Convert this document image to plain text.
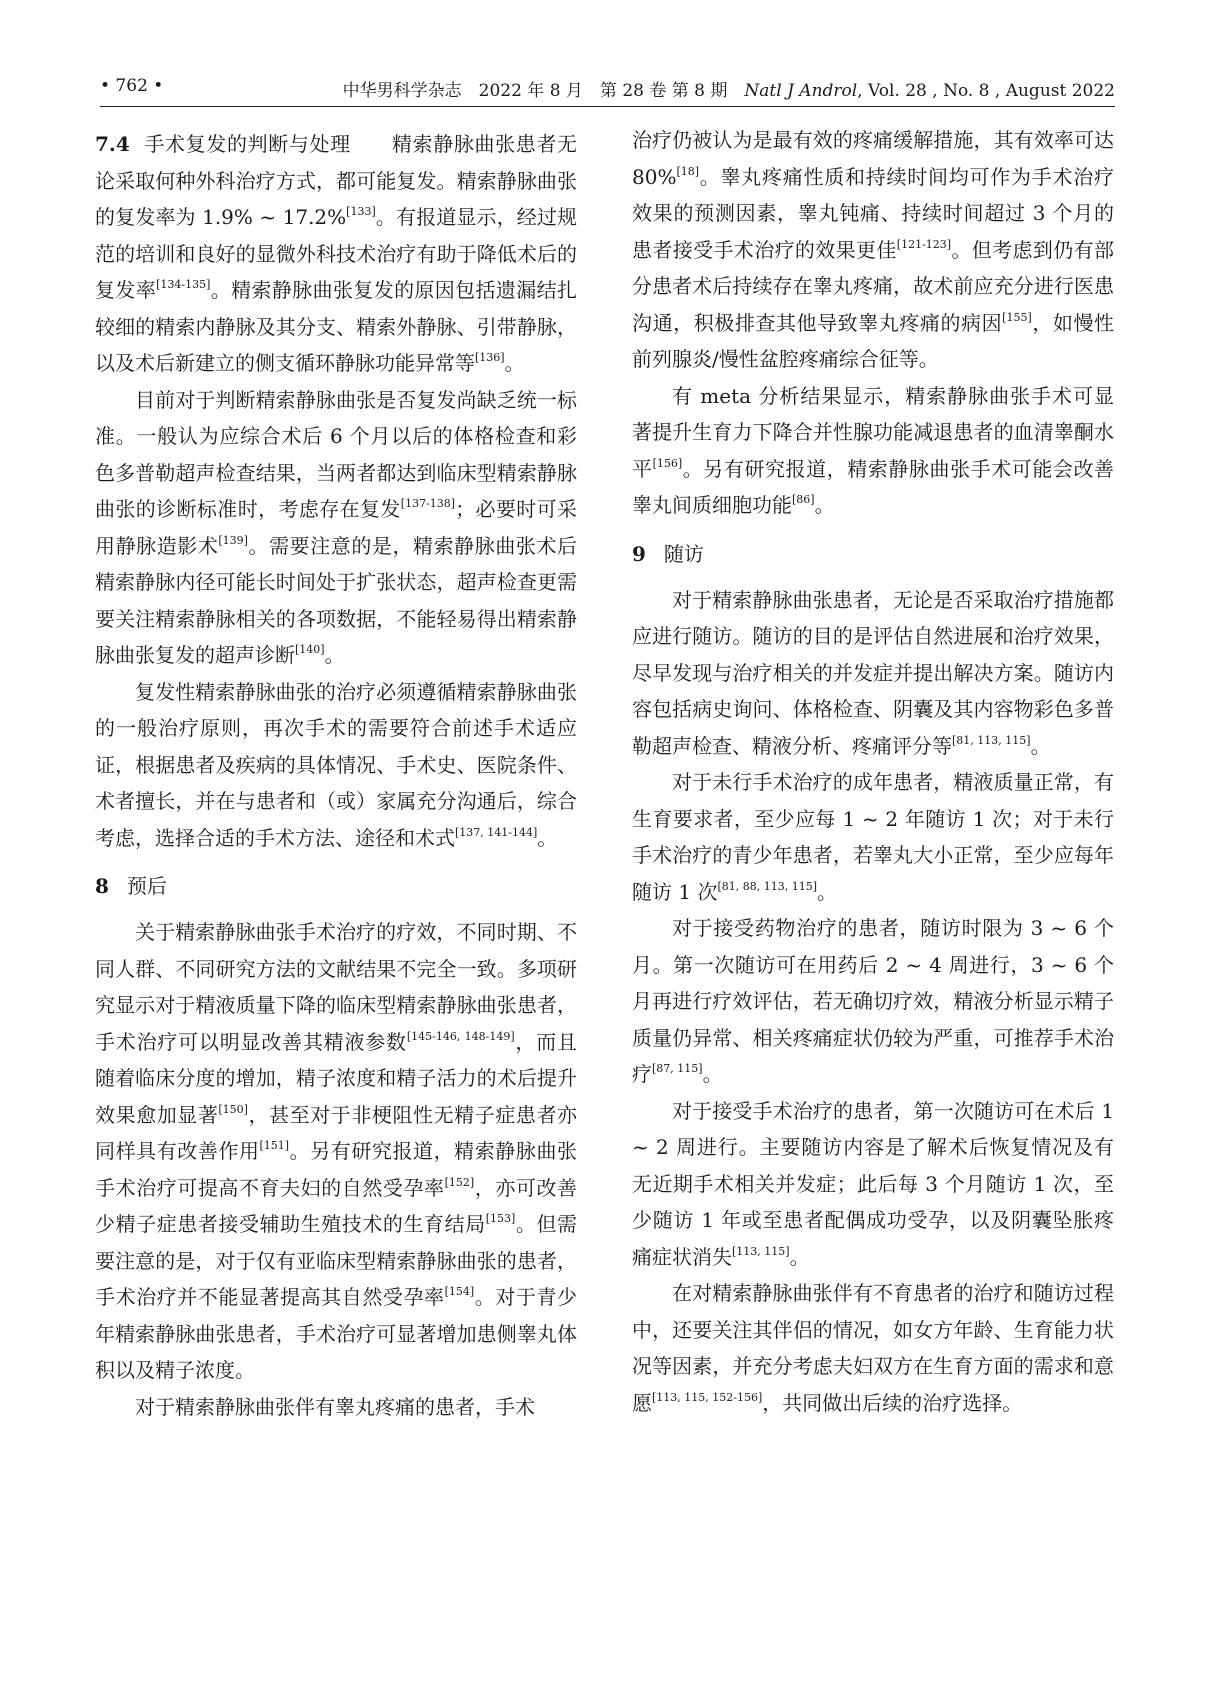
• 762 •	中华男科学杂志　2022 年 8 月　第 28 卷 第 8 期　 Natl J Androl, Vol. 28 , No. 8 , August 2022

7.4 手术复发的判断与处理　　 精索静脉曲张患者无论采取何种外科治疗方式，都可能复发。精索静脉曲张的复发率为 1.9% ~ 17.2%[133]。有报道显示，经过规范的培训和良好的显微外科技术治疗有助于降低术后的复发率[134-135]。精索静脉曲张复发的原因包括遗漏结扎较细的精索内静脉及其分支、精索外静脉、引带静脉，以及术后新建立的侧支循环静脉功能异常等[136]。

目前对于判断精索静脉曲张是否复发尚缺乏统一标准。一般认为应综合术后 6 个月以后的体格检查和彩色多普勒超声检查结果，当两者都达到临床型精索静脉曲张的诊断标准时，考虑存在复发[137-138]；必要时可采用静脉造影术[139]。需要注意的是，精索静脉曲张术后精索静脉内径可能长时间处于扩张状态，超声检查更需要关注精索静脉相关的各项数据，不能轻易得出精索静脉曲张复发的超声诊断[140]。

复发性精索静脉曲张的治疗必须遵循精索静脉曲张的一般治疗原则，再次手术的需要符合前述手术适应证，根据患者及疾病的具体情况、手术史、医院条件、术者擅长，并在与患者和（或）家属充分沟通后，综合考虑，选择合适的手术方法、途径和术式[137, 141-144]。

8 预后

关于精索静脉曲张手术治疗的疗效，不同时期、不同人群、不同研究方法的文献结果不完全一致。多项研究显示对于精液质量下降的临床型精索静脉曲张患者，手术治疗可以明显改善其精液参数[145-146, 148-149]，而且随着临床分度的增加，精子浓度和精子活力的术后提升效果愈加显著[150]，甚至对于非梗阻性无精子症患者亦同样具有改善作用[151]。另有研究报道，精索静脉曲张手术治疗可提高不育夫妇的自然受孕率[152]，亦可改善少精子症患者接受辅助生殖技术的生育结局[153]。但需要注意的是，对于仅有亚临床型精索静脉曲张的患者，手术治疗并不能显著提高其自然受孕率[154]。对于青少年精索静脉曲张患者，手术治疗可显著增加患侧睾丸体积以及精子浓度。

对于精索静脉曲张伴有睾丸疼痛的患者，手术

治疗仍被认为是最有效的疼痛缓解措施，其有效率可达 80%[18]。睾丸疼痛性质和持续时间均可作为手术治疗效果的预测因素，睾丸钝痛、持续时间超过 3 个月的患者接受手术治疗的效果更佳[121-123]。但考虑到仍有部分患者术后持续存在睾丸疼痛，故术前应充分进行医患沟通，积极排查其他导致睾丸疼痛的病因[155]，如慢性前列腺炎/慢性盆腔疼痛综合征等。

有 meta 分析结果显示，精索静脉曲张手术可显著提升生育力下降合并性腺功能减退患者的血清睾酮水平[156]。另有研究报道，精索静脉曲张手术可能会改善睾丸间质细胞功能[86]。

9 随访

对于精索静脉曲张患者，无论是否采取治疗措施都应进行随访。随访的目的是评估自然进展和治疗效果，尽早发现与治疗相关的并发症并提出解决方案。随访内容包括病史询问、体格检查、阴囊及其内容物彩色多普勒超声检查、精液分析、疼痛评分等[81, 113, 115]。

对于未行手术治疗的成年患者，精液质量正常，有生育要求者，至少应每 1 ~ 2 年随访 1 次；对于未行手术治疗的青少年患者，若睾丸大小正常，至少应每年随访 1 次[81, 88, 113, 115]。

对于接受药物治疗的患者，随访时限为 3 ~ 6 个月。第一次随访可在用药后 2 ~ 4 周进行，3 ~ 6 个月再进行疗效评估，若无确切疗效，精液分析显示精子质量仍异常、相关疼痛症状仍较为严重，可推荐手术治疗[87, 115]。

对于接受手术治疗的患者，第一次随访可在术后 1 ~ 2 周进行。主要随访内容是了解术后恢复情况及有无近期手术相关并发症；此后每 3 个月随访 1 次，至少随访 1 年或至患者配偶成功受孕，以及阴囊坠胀疼痛症状消失[113, 115]。

在对精索静脉曲张伴有不育患者的治疗和随访过程中，还要关注其伴侣的情况，如女方年龄、生育能力状况等因素，并充分考虑夫妇双方在生育方面的需求和意愿[113, 115, 152-156]，共同做出后续的治疗选择。
